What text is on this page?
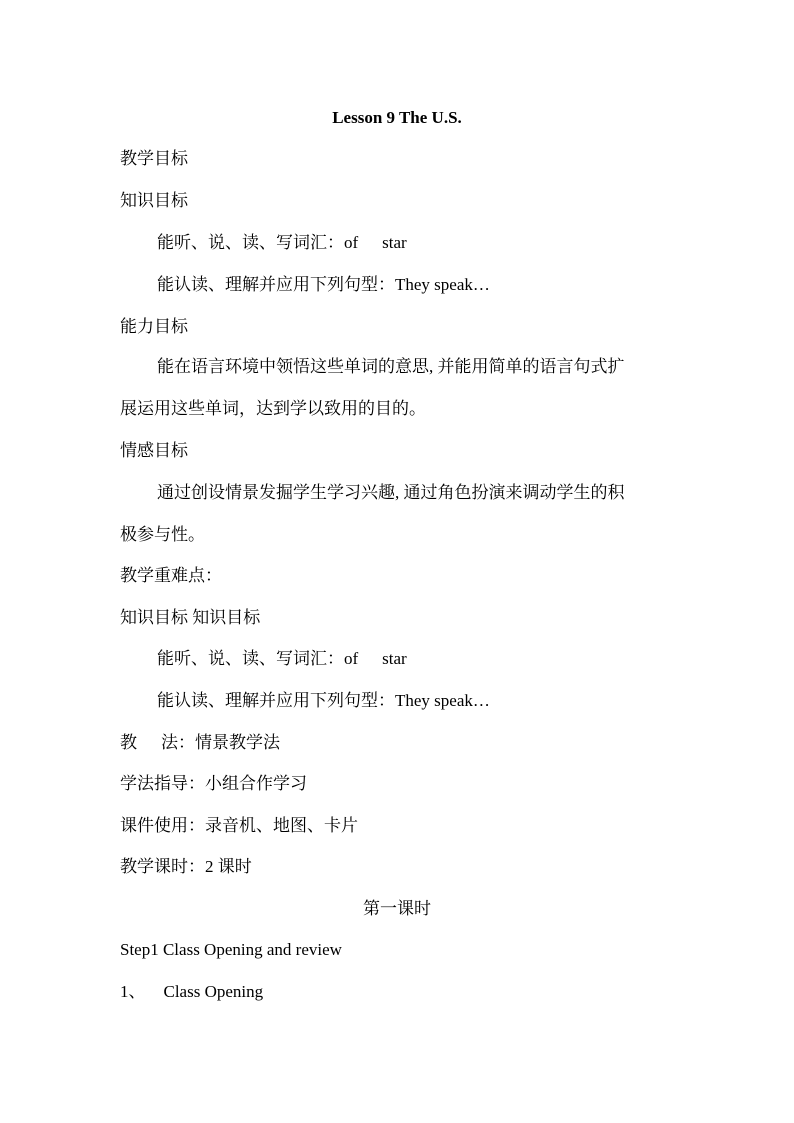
Lesson 9 The U.S.
教学目标
知识目标
能听、说、读、写词汇：of star
能认读、理解并应用下列句型：They speak…
能力目标
能在语言环境中领悟这些单词的意思, 并能用简单的语言句式扩
展运用这些单词，达到学以致用的目的。
情感目标
通过创设情景发掘学生学习兴趣, 通过角色扮演来调动学生的积
极参与性。
教学重难点：
知识目标 知识目标
能听、说、读、写词汇：of star
能认读、理解并应用下列句型：They speak…
教 法：情景教学法
学法指导：小组合作学习
课件使用：录音机、地图、卡片
教学课时：2 课时
第一课时
Step1 Class Opening and review
1、 Class Opening
